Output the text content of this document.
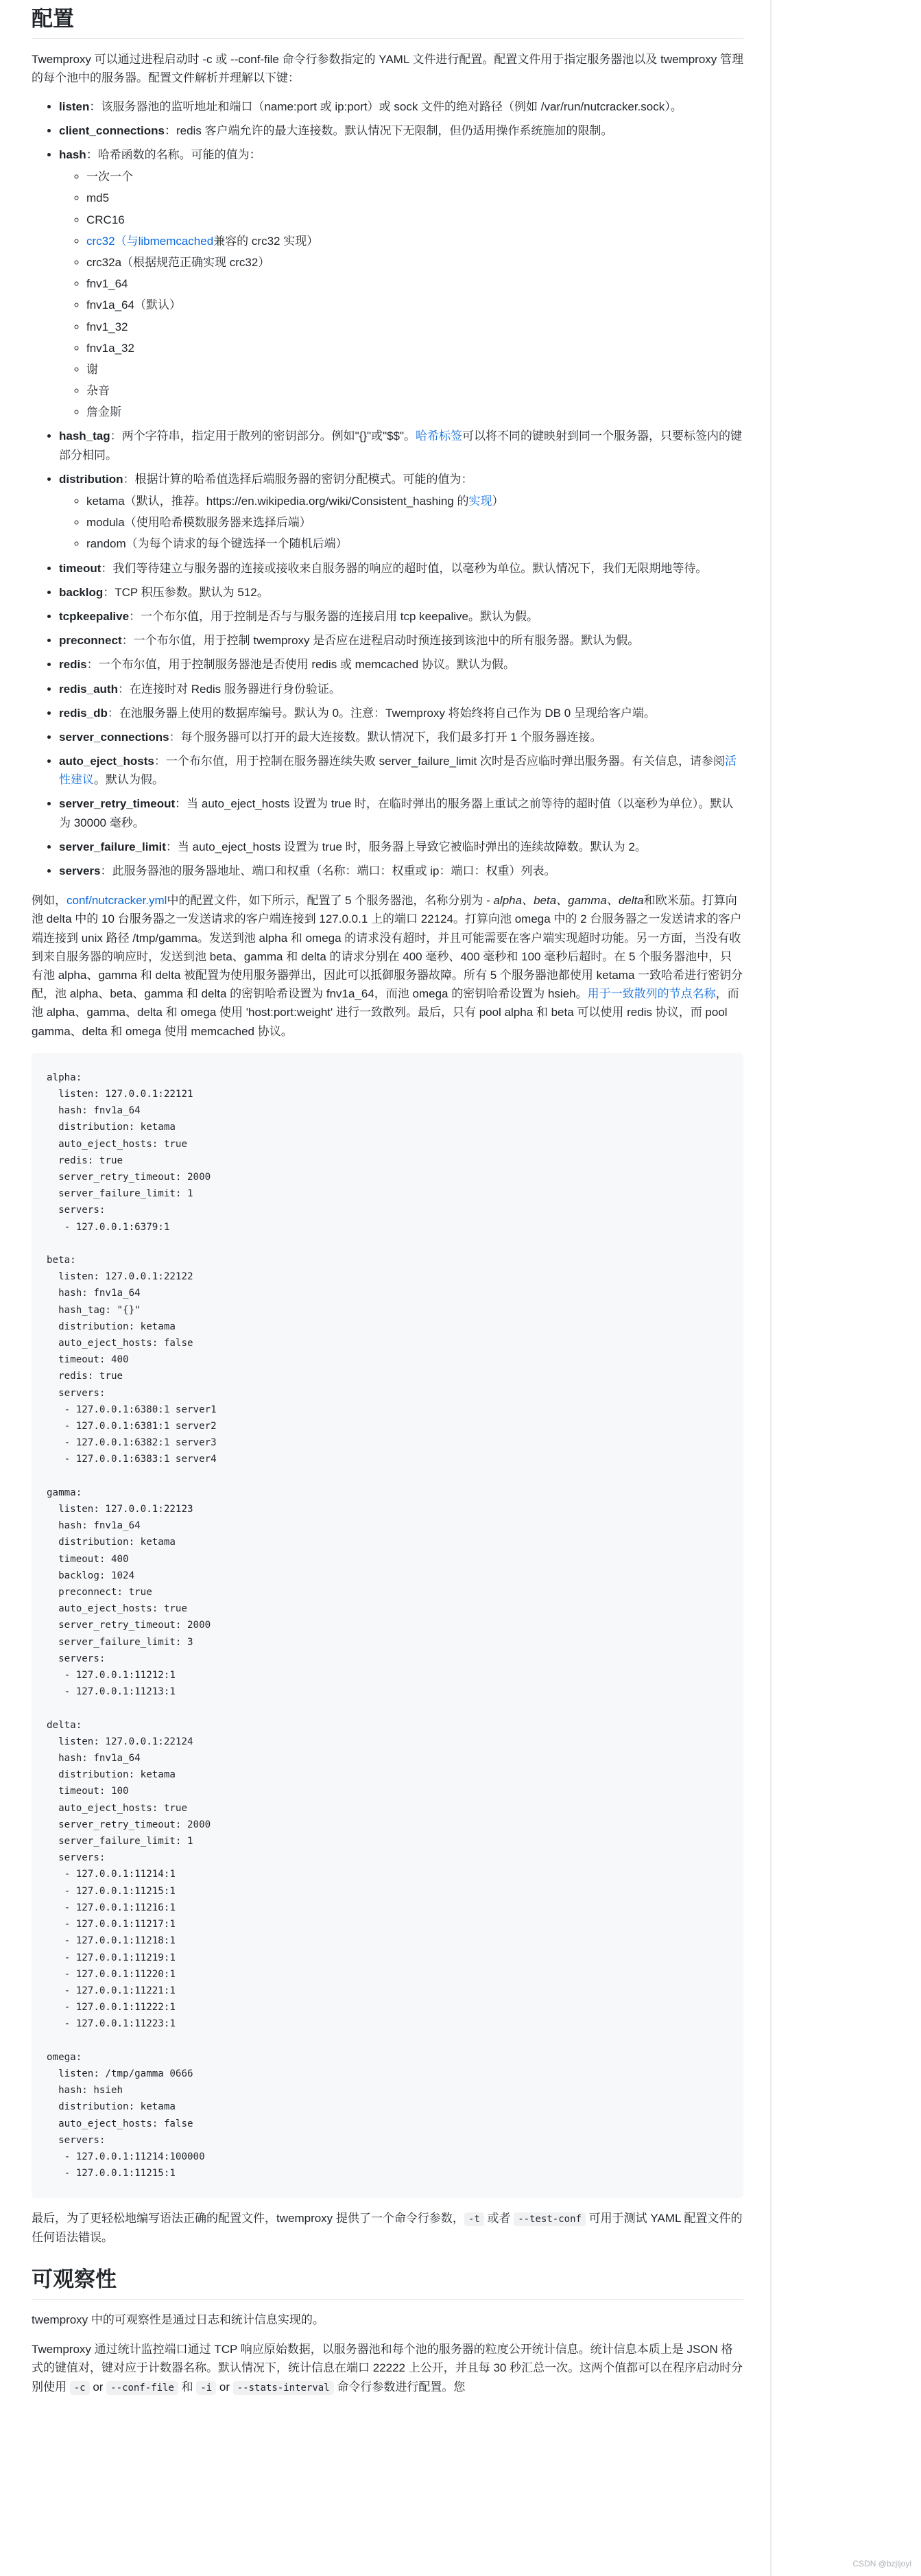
配置

Twemproxy 可以通过进程启动时 -c 或 --conf-file 命令行参数指定的 YAML 文件进行配置。配置文件用于指定服务器池以及 twemproxy 管理的每个池中的服务器。配置文件解析并理解以下键：

• listen：该服务器池的监听地址和端口（name:port 或 ip:port）或 sock 文件的绝对路径（例如 /var/run/nutcracker.sock）。
• client_connections：redis 客户端允许的最大连接数。默认情况下无限制，但仍适用操作系统施加的限制。
• hash：哈希函数的名称。可能的值为：
◦ 一次一个
◦ md5
◦ CRC16
◦ crc32（与libmemcached兼容的 crc32 实现）
◦ crc32a（根据规范正确实现 crc32）
◦ fnv1_64
◦ fnv1a_64（默认）
◦ fnv1_32
◦ fnv1a_32
◦ 谢
◦ 杂音
◦ 詹金斯
• hash_tag：两个字符串，指定用于散列的密钥部分。例如"{}"或"$$"。哈希标签可以将不同的键映射到同一个服务器，只要标签内的键部分相同。
• distribution：根据计算的哈希值选择后端服务器的密钥分配模式。可能的值为：
◦ ketama（默认，推荐。https://en.wikipedia.org/wiki/Consistent_hashing 的实现）
◦ modula（使用哈希模数服务器来选择后端）
◦ random（为每个请求的每个键选择一个随机后端）
• timeout：我们等待建立与服务器的连接或接收来自服务器的响应的超时值，以毫秒为单位。默认情况下，我们无限期地等待。
• backlog：TCP 积压参数。默认为 512。
• tcpkeepalive：一个布尔值，用于控制是否与与服务器的连接启用 tcp keepalive。默认为假。
• preconnect：一个布尔值，用于控制 twemproxy 是否应在进程启动时预连接到该池中的所有服务器。默认为假。
• redis：一个布尔值，用于控制服务器池是否使用 redis 或 memcached 协议。默认为假。
• redis_auth：在连接时对 Redis 服务器进行身份验证。
• redis_db：在池服务器上使用的数据库编号。默认为 0。注意：Twemproxy 将始终将自己作为 DB 0 呈现给客户端。
• server_connections：每个服务器可以打开的最大连接数。默认情况下，我们最多打开 1 个服务器连接。
• auto_eject_hosts：一个布尔值，用于控制在服务器连续失败 server_failure_limit 次时是否应临时弹出服务器。有关信息，请参阅活性建议。默认为假。
• server_retry_timeout：当 auto_eject_hosts 设置为 true 时，在临时弹出的服务器上重试之前等待的超时值（以毫秒为单位）。默认为 30000 毫秒。
• server_failure_limit：当 auto_eject_hosts 设置为 true 时，服务器上导致它被临时弹出的连续故障数。默认为 2。
• servers：此服务器池的服务器地址、端口和权重（名称：端口：权重或 ip：端口：权重）列表。

例如，conf/nutcracker.yml中的配置文件，如下所示，配置了 5 个服务器池，名称分别为 - alpha、beta、gamma、delta和欧米茄。打算向池 delta 中的 10 台服务器之一发送请求的客户端连接到 127.0.0.1 上的端口 22124。打算向池 omega 中的 2 台服务器之一发送请求的客户端连接到 unix 路径 /tmp/gamma。发送到池 alpha 和 omega 的请求没有超时，并且可能需要在客户端实现超时功能。另一方面，当没有收到来自服务器的响应时，发送到池 beta、gamma 和 delta 的请求分别在 400 毫秒、400 毫秒和 100 毫秒后超时。在 5 个服务器池中，只有池 alpha、gamma 和 delta 被配置为使用服务器弹出，因此可以抵御服务器故障。所有 5 个服务器池都使用 ketama 一致哈希进行密钥分配，池 alpha、beta、gamma 和 delta 的密钥哈希设置为 fnv1a_64，而池 omega 的密钥哈希设置为 hsieh。用于一致散列的节点名称，而池 alpha、gamma、delta 和 omega 使用 'host:port:weight' 进行一致散列。最后，只有 pool alpha 和 beta 可以使用 redis 协议，而 pool gamma、delta 和 omega 使用 memcached 协议。

alpha:
listen: 127.0.0.1:22121
hash: fnv1a_64
distribution: ketama
auto_eject_hosts: true
redis: true
server_retry_timeout: 2000
server_failure_limit: 1
servers:
- 127.0.0.1:6379:1

beta:
listen: 127.0.0.1:22122
hash: fnv1a_64
hash_tag: "{}"
distribution: ketama
auto_eject_hosts: false
timeout: 400
redis: true
servers:
- 127.0.0.1:6380:1 server1
- 127.0.0.1:6381:1 server2
- 127.0.0.1:6382:1 server3
- 127.0.0.1:6383:1 server4

gamma:
listen: 127.0.0.1:22123
hash: fnv1a_64
distribution: ketama
timeout: 400
backlog: 1024
preconnect: true
auto_eject_hosts: true
server_retry_timeout: 2000
server_failure_limit: 3
servers:
- 127.0.0.1:11212:1
- 127.0.0.1:11213:1

delta:
listen: 127.0.0.1:22124
hash: fnv1a_64
distribution: ketama
timeout: 100
auto_eject_hosts: true
server_retry_timeout: 2000
server_failure_limit: 1
servers:
- 127.0.0.1:11214:1
- 127.0.0.1:11215:1
- 127.0.0.1:11216:1
- 127.0.0.1:11217:1
- 127.0.0.1:11218:1
- 127.0.0.1:11219:1
- 127.0.0.1:11220:1
- 127.0.0.1:11221:1
- 127.0.0.1:11222:1
- 127.0.0.1:11223:1

omega:
listen: /tmp/gamma 0666
hash: hsieh
distribution: ketama
auto_eject_hosts: false
servers:
- 127.0.0.1:11214:100000
- 127.0.0.1:11215:1

最后，为了更轻松地编写语法正确的配置文件，twemproxy 提供了一个命令行参数， -t 或者 --test-conf 可用于测试 YAML 配置文件的任何语法错误。

可观察性

twemproxy 中的可观察性是通过日志和统计信息实现的。

Twemproxy 通过统计监控端口通过 TCP 响应原始数据，以服务器池和每个池的服务器的粒度公开统计信息。统计信息本质上是 JSON 格式的键值对，键对应于计数器名称。默认情况下，统计信息在端口 22222 上公开，并且每 30 秒汇总一次。这两个值都可以在程序启动时分别使用 -c or --conf-file 和 -i or --stats-interval 命令行参数进行配置。您

CSDN @bzjljoyl
